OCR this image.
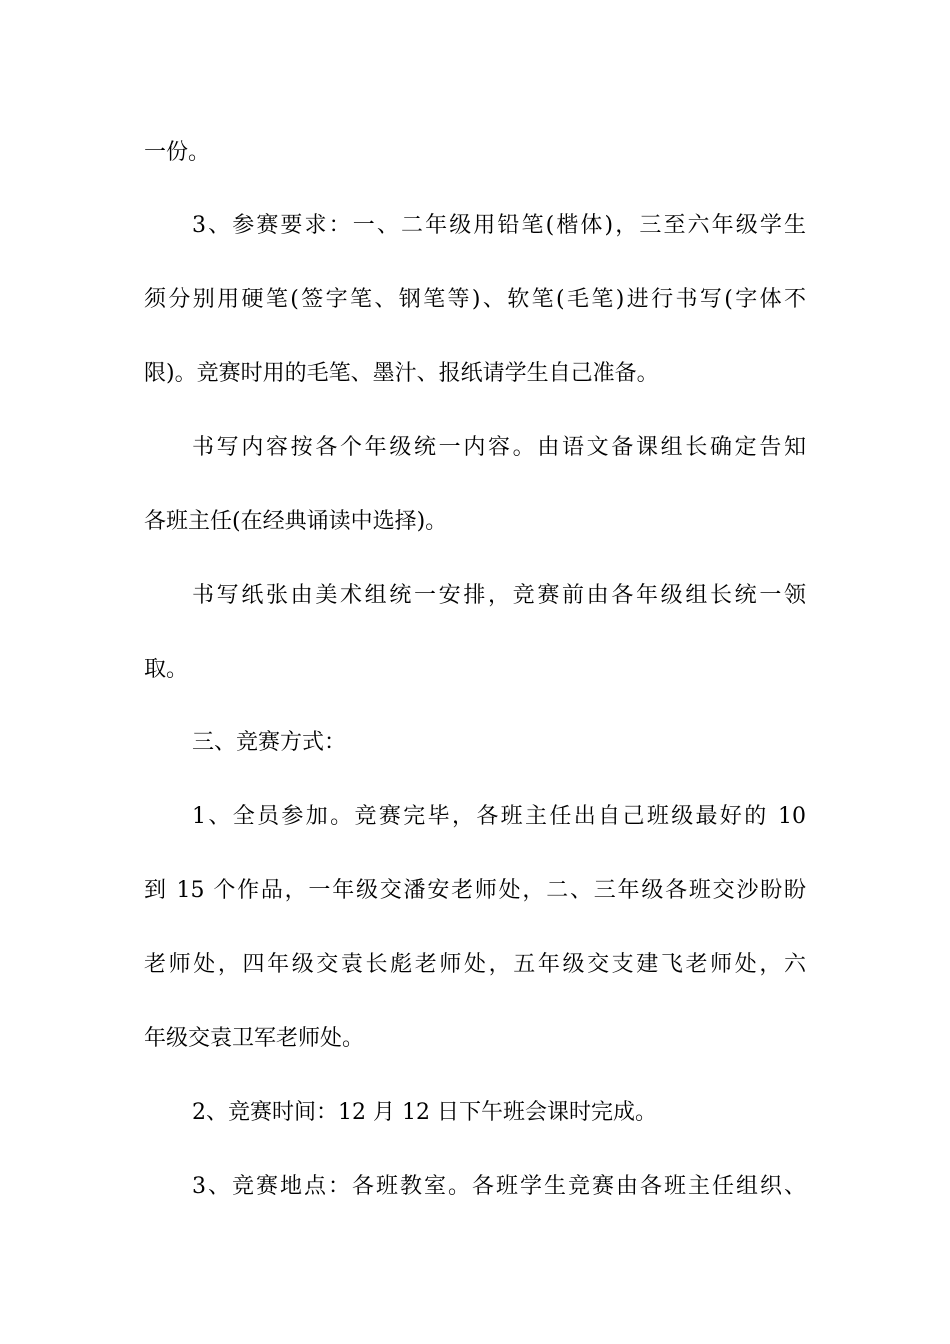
一份。
3、参赛要求：一、二年级用铅笔(楷体)，三至六年级学生
须分别用硬笔(签字笔、钢笔等)、软笔(毛笔)进行书写(字体不
限)。竞赛时用的毛笔、墨汁、报纸请学生自己准备。
书写内容按各个年级统一内容。由语文备课组长确定告知
各班主任(在经典诵读中选择)。
书写纸张由美术组统一安排，竞赛前由各年级组长统一领
取。
三、竞赛方式：
1、全员参加。竞赛完毕，各班主任出自己班级最好的 10
到 15 个作品，一年级交潘安老师处，二、三年级各班交沙盼盼
老师处，四年级交袁长彪老师处，五年级交支建飞老师处，六
年级交袁卫军老师处。
2、竞赛时间：12 月 12 日下午班会课时完成。
3、竞赛地点：各班教室。各班学生竞赛由各班主任组织、
